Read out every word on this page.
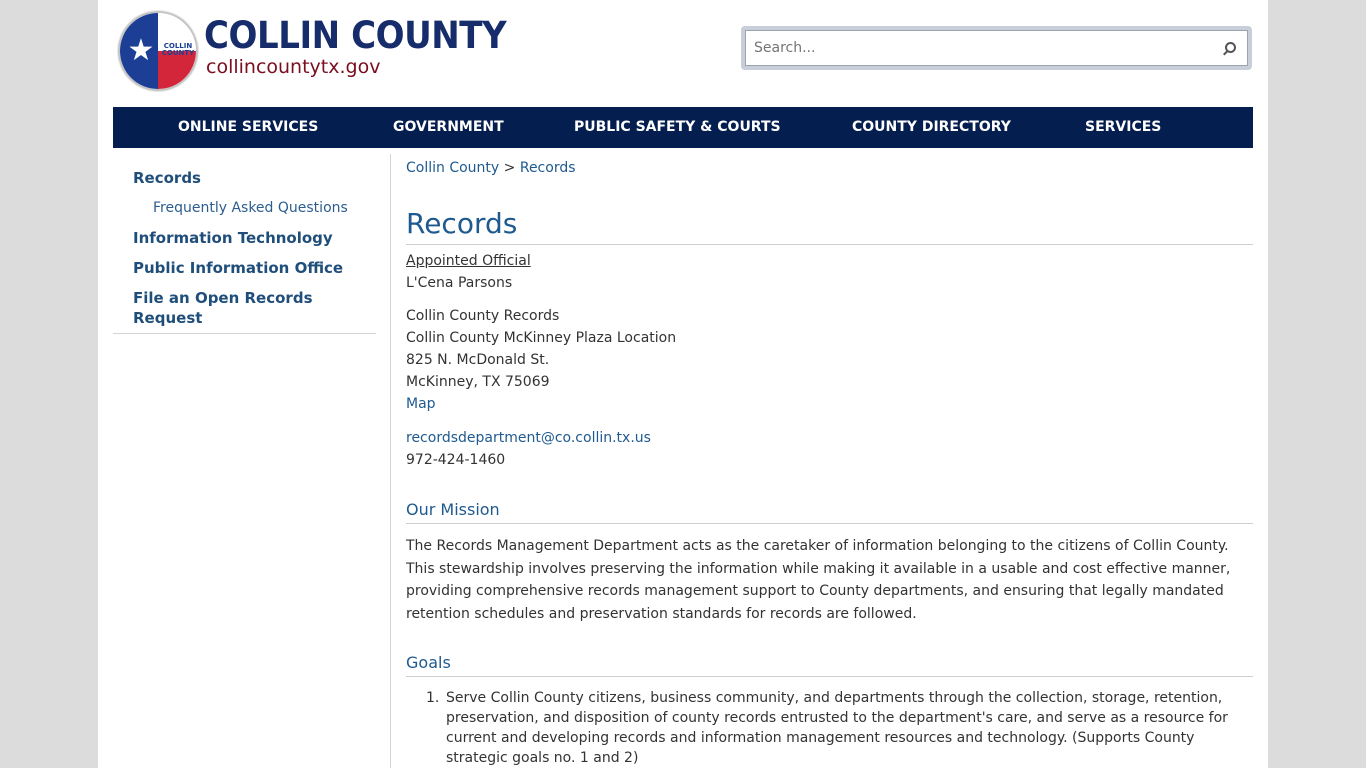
★	COLLIN
COUNTY COLLIN COUNTY
collincountytx.gov
Search...
ONLINE SERVICES	GOVERNMENT	PUBLIC SAFETY & COURTS	COUNTY DIRECTORY	SERVICES
Records
Frequently Asked Questions
Information Technology
Public Information Office
File an Open Records Request
Collin County > Records
Records
Appointed Official
L'Cena Parsons
Collin County Records
Collin County McKinney Plaza Location
825 N. McDonald St.
McKinney, TX 75069
Map
recordsdepartment@co.collin.tx.us
972-424-1460
Our Mission
The Records Management Department acts as the caretaker of information belonging to the citizens of Collin County. This stewardship involves preserving the information while making it available in a usable and cost effective manner, providing comprehensive records management support to County departments, and ensuring that legally mandated retention schedules and preservation standards for records are followed.
Goals
1. Serve Collin County citizens, business community, and departments through the collection, storage, retention, preservation, and disposition of county records entrusted to the department's care, and serve as a resource for current and developing records and information management resources and technology. (Supports County strategic goals no. 1 and 2)
